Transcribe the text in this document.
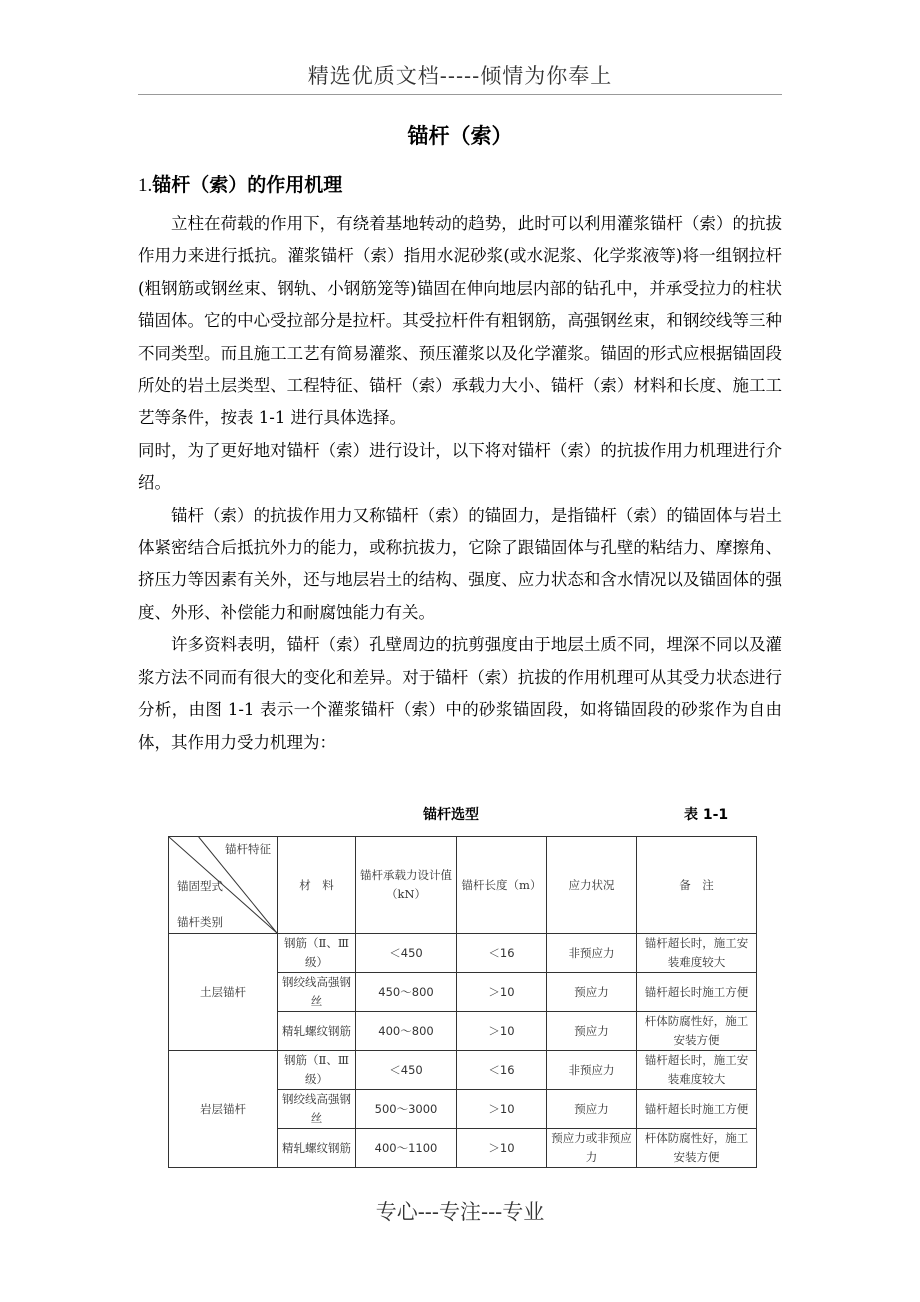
精选优质文档-----倾情为你奉上
锚杆（索）
1.锚杆（索）的作用机理

立柱在荷载的作用下，有绕着基地转动的趋势，此时可以利用灌浆锚杆（索）的抗拔作用力来进行抵抗。灌浆锚杆（索）指用水泥砂浆(或水泥浆、化学浆液等)将一组钢拉杆(粗钢筋或钢丝束、钢轨、小钢筋笼等)锚固在伸向地层内部的钻孔中，并承受拉力的柱状锚固体。它的中心受拉部分是拉杆。其受拉杆件有粗钢筋，高强钢丝束，和钢绞线等三种不同类型。而且施工工艺有简易灌浆、预压灌浆以及化学灌浆。锚固的形式应根据锚固段所处的岩土层类型、工程特征、锚杆（索）承载力大小、锚杆（索）材料和长度、施工工艺等条件，按表 1-1 进行具体选择。

同时，为了更好地对锚杆（索）进行设计，以下将对锚杆（索）的抗拔作用力机理进行介绍。

锚杆（索）的抗拔作用力又称锚杆（索）的锚固力，是指锚杆（索）的锚固体与岩土体紧密结合后抵抗外力的能力，或称抗拔力，它除了跟锚固体与孔壁的粘结力、摩擦角、挤压力等因素有关外，还与地层岩土的结构、强度、应力状态和含水情况以及锚固体的强度、外形、补偿能力和耐腐蚀能力有关。

许多资料表明，锚杆（索）孔壁周边的抗剪强度由于地层土质不同，埋深不同以及灌浆方法不同而有很大的变化和差异。对于锚杆（索）抗拔的作用机理可从其受力状态进行分析，由图 1-1 表示一个灌浆锚杆（索）中的砂浆锚固段，如将锚固段的砂浆作为自由体，其作用力受力机理为：

锚杆选型	表 1-1
锚杆特征
锚固型式
锚杆类别	材　料	锚杆承载力设计值（kN）	锚杆长度（m）	应力状况	备　注
土层锚杆	钢筋（Ⅱ、Ⅲ级）	＜450	＜16	非预应力	锚杆超长时，施工安装难度较大
	钢绞线高强钢丝	450～800	＞10	预应力	锚杆超长时施工方便
	精轧螺纹钢筋	400～800	＞10	预应力	杆体防腐性好，施工安装方便
岩层锚杆	钢筋（Ⅱ、Ⅲ级）	＜450	＜16	非预应力	锚杆超长时，施工安装难度较大
	钢绞线高强钢丝	500～3000	＞10	预应力	锚杆超长时施工方便
	精轧螺纹钢筋	400～1100	＞10	预应力或非预应力	杆体防腐性好，施工安装方便
专心---专注---专业
